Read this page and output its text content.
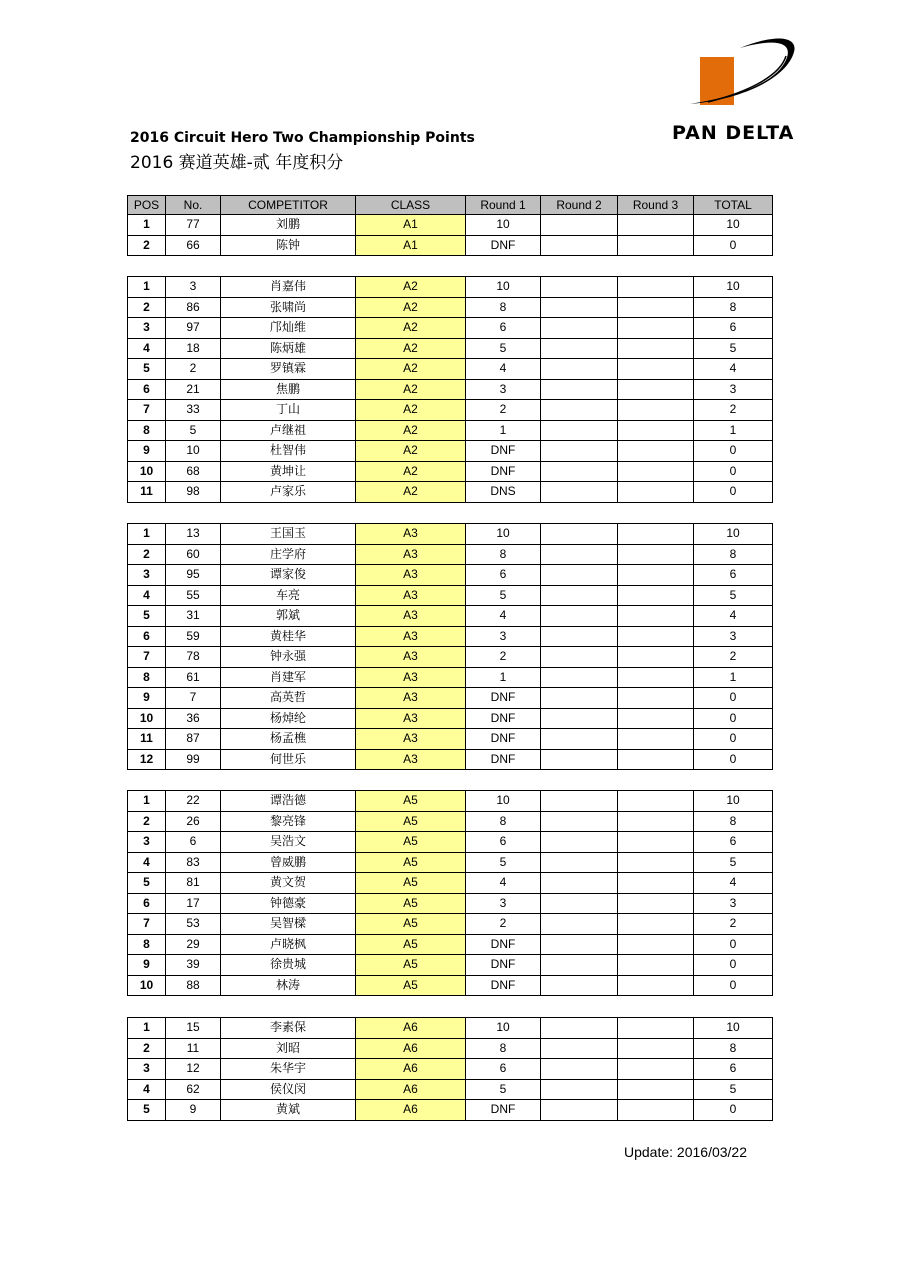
PAN DELTA
2016 Circuit Hero Two Championship Points
2016 赛道英雄-贰 年度积分
POS	No.	COMPETITOR	CLASS	Round 1	Round 2	Round 3	TOTAL
1	77	刘鹏	A1	10			10
2	66	陈钟	A1	DNF			0
1	3	肖嘉伟	A2	10			10
2	86	张啸尚	A2	8			8
3	97	邝灿维	A2	6			6
4	18	陈炳雄	A2	5			5
5	2	罗镇霖	A2	4			4
6	21	焦鹏	A2	3			3
7	33	丁山	A2	2			2
8	5	卢继祖	A2	1			1
9	10	杜智伟	A2	DNF			0
10	68	黄坤让	A2	DNF			0
11	98	卢家乐	A2	DNS			0
1	13	王国玉	A3	10			10
2	60	庄学府	A3	8			8
3	95	谭家俊	A3	6			6
4	55	车亮	A3	5			5
5	31	郭斌	A3	4			4
6	59	黄桂华	A3	3			3
7	78	钟永强	A3	2			2
8	61	肖建军	A3	1			1
9	7	高英哲	A3	DNF			0
10	36	杨焯纶	A3	DNF			0
11	87	杨孟樵	A3	DNF			0
12	99	何世乐	A3	DNF			0
1	22	谭浩德	A5	10			10
2	26	黎亮锋	A5	8			8
3	6	吴浩文	A5	6			6
4	83	曾威鹏	A5	5			5
5	81	黄文贺	A5	4			4
6	17	钟德豪	A5	3			3
7	53	吴智樑	A5	2			2
8	29	卢晓枫	A5	DNF			0
9	39	徐贵城	A5	DNF			0
10	88	林涛	A5	DNF			0
1	15	李素保	A6	10			10
2	11	刘昭	A6	8			8
3	12	朱华宇	A6	6			6
4	62	侯仪闵	A6	5			5
5	9	黄斌	A6	DNF			0
Update: 2016/03/22
